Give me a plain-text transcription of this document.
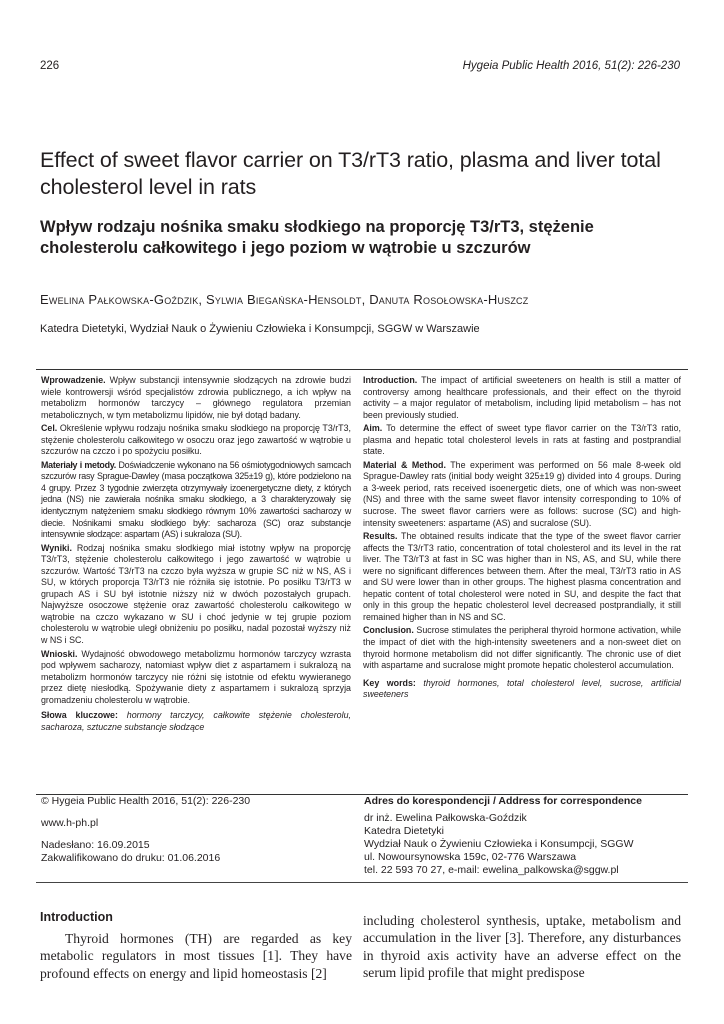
226	Hygeia Public Health 2016, 51(2): 226-230
Effect of sweet flavor carrier on T3/rT3 ratio, plasma and liver total cholesterol level in rats
Wpływ rodzaju nośnika smaku słodkiego na proporcję T3/rT3, stężenie cholesterolu całkowitego i jego poziom w wątrobie u szczurów
Ewelina Pałkowska-Goździk, Sylwia Biegańska-Hensoldt, Danuta Rosołowska-Huszcz
Katedra Dietetyki, Wydział Nauk o Żywieniu Człowieka i Konsumpcji, SGGW w Warszawie

Wprowadzenie. Wpływ substancji intensywnie słodzących na zdrowie budzi wiele kontrowersji wśród specjalistów zdrowia publicznego, a ich wpływ na metabolizm hormonów tarczycy – głównego regulatora przemian metabolicznych, w tym metabolizmu lipidów, nie był dotąd badany.

Cel. Określenie wpływu rodzaju nośnika smaku słodkiego na proporcję T3/rT3, stężenie cholesterolu całkowitego w osoczu oraz jego zawartość w wątrobie u szczurów na czczo i po spożyciu posiłku.

Materiały i metody. Doświadczenie wykonano na 56 ośmiotygodniowych samcach szczurów rasy Sprague-Dawley (masa początkowa 325±19 g), które podzielono na 4 grupy. Przez 3 tygodnie zwierzęta otrzymywały izoenergetyczne diety, z których jedna (NS) nie zawierała nośnika smaku słodkiego, a 3 charakteryzowały się identycznym natężeniem smaku słodkiego równym 10% zawartości sacharozy w diecie. Nośnikami smaku słodkiego były: sacharoza (SC) oraz substancje intensywnie słodzące: aspartam (AS) i sukraloza (SU).

Wyniki. Rodzaj nośnika smaku słodkiego miał istotny wpływ na proporcję T3/rT3, stężenie cholesterolu całkowitego i jego zawartość w wątrobie u szczurów. Wartość T3/rT3 na czczo była wyższa w grupie SC niż w NS, AS i SU, w których proporcja T3/rT3 nie różniła się istotnie. Po posiłku T3/rT3 w grupach AS i SU był istotnie niższy niż w dwóch pozostałych grupach. Najwyższe osoczowe stężenie oraz zawartość cholesterolu całkowitego w wątrobie na czczo wykazano w SU i choć jedynie w tej grupie poziom cholesterolu w wątrobie uległ obniżeniu po posiłku, nadal pozostał wyższy niż w NS i SC.

Wnioski. Wydajność obwodowego metabolizmu hormonów tarczycy wzrasta pod wpływem sacharozy, natomiast wpływ diet z aspartamem i sukralozą na metabolizm hormonów tarczycy nie różni się istotnie od efektu wywieranego przez dietę niesłodką. Spożywanie diety z aspartamem i sukralozą sprzyja gromadzeniu cholesterolu w wątrobie.

Słowa kluczowe: hormony tarczycy, całkowite stężenie cholesterolu, sacharoza, sztuczne substancje słodzące

Introduction. The impact of artificial sweeteners on health is still a matter of controversy among healthcare professionals, and their effect on the thyroid activity – a major regulator of metabolism, including lipid metabolism – has not been previously studied.

Aim. To determine the effect of sweet type flavor carrier on the T3/rT3 ratio, plasma and hepatic total cholesterol levels in rats at fasting and postprandial state.

Material & Method. The experiment was performed on 56 male 8-week old Sprague-Dawley rats (initial body weight 325±19 g) divided into 4 groups. During a 3-week period, rats received isoenergetic diets, one of which was non-sweet (NS) and three with the same sweet flavor intensity corresponding to 10% of sucrose. The sweet flavor carriers were as follows: sucrose (SC) and high-intensity sweeteners: aspartame (AS) and sucralose (SU).

Results. The obtained results indicate that the type of the sweet flavor carrier affects the T3/rT3 ratio, concentration of total cholesterol and its level in the rat liver. The T3/rT3 at fast in SC was higher than in NS, AS, and SU, while there were no significant differences between them. After the meal, T3/rT3 ratio in AS and SU were lower than in other groups. The highest plasma concentration and hepatic content of total cholesterol were noted in SU, and despite the fact that only in this group the hepatic cholesterol level decreased postprandially, it still remained higher than in NS and SC.

Conclusion. Sucrose stimulates the peripheral thyroid hormone activation, while the impact of diet with the high-intensity sweeteners and a non-sweet diet on thyroid hormone metabolism did not differ significantly. The chronic use of diet with aspartame and sucralose might promote hepatic cholesterol accumulation.

Key words: thyroid hormones, total cholesterol level, sucrose, artificial sweeteners

© Hygeia Public Health 2016, 51(2): 226-230
www.h-ph.pl
Nadesłano: 16.09.2015
Zakwalifikowano do druku: 01.06.2016
Adres do korespondencji / Address for correspondence
dr inż. Ewelina Pałkowska-Goździk
Katedra Dietetyki
Wydział Nauk o Żywieniu Człowieka i Konsumpcji, SGGW
ul. Nowoursynowska 159c, 02-776 Warszawa
tel. 22 593 70 27, e-mail: ewelina_palkowska@sggw.pl
Introduction
Thyroid hormones (TH) are regarded as key metabolic regulators in most tissues [1]. They have profound effects on energy and lipid homeostasis [2]
including cholesterol synthesis, uptake, metabolism and accumulation in the liver [3]. Therefore, any disturbances in thyroid axis activity have an adverse effect on the serum lipid profile that might predispose
